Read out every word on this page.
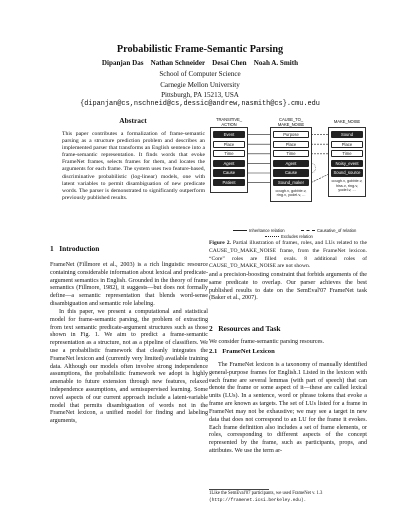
Probabilistic Frame-Semantic Parsing
Dipanjan Das    Nathan Schneider    Desai Chen    Noah A. Smith
School of Computer Science
Carnegie Mellon University
Pittsburgh, PA 15213, USA
{dipanjan@cs,nschneid@cs,dessic@andrew,nasmith@cs}.cmu.edu
Abstract
This paper contributes a formalization of frame-semantic parsing as a structure prediction problem and describes an implemented parser that transforms an English sentence into a frame-semantic representation. It finds words that evoke FrameNet frames, selects frames for them, and locates the arguments for each frame. The system uses two feature-based, discriminative probabilistic (log-linear) models, one with latent variables to permit disambiguation of new predicate words. The parser is demonstrated to significantly outperform previously published results.
1   Introduction

FrameNet (Fillmore et al., 2003) is a rich linguistic resource containing considerable information about lexical and predicate-argument semantics in English. Grounded in the theory of frame semantics (Fillmore, 1982), it suggests—but does not formally define—a semantic representation that blends word-sense disambiguation and semantic role labeling.

In this paper, we present a computational and statistical model for frame-semantic parsing, the problem of extracting from text semantic predicate-argument structures such as those shown in Fig. 1. We aim to predict a frame-semantic representation as a structure, not as a pipeline of classifiers. We use a probabilistic framework that cleanly integrates the FrameNet lexicon and (currently very limited) available training data. Although our models often involve strong independence assumptions, the probabilistic framework we adopt is highly amenable to future extension through new features, relaxed independence assumptions, and semisupervised learning. Some novel aspects of our current approach include a latent-variable model that permits disambiguation of words not in the FrameNet lexicon, a unified model for finding and labeling arguments,

Inheritance relation	Causative_of relation
Excludes relation
TRANSITIVE_
ACTION
Event
Place
Time
Agent
Cause
Patient
CAUSE_TO_
MAKE_NOISE
Purpose
Place
Time
Agent
Cause
Sound_maker
cough.v, gobble.v,
ring.v, yodel.v, ...
MAKE_NOISE
Sound
Place
Time
Noisy_event
Sound_source
cough.v, gobble.v,
hiss.v, ring.v,
yodel.v, ...
Figure 2. Partial illustration of frames, roles, and LUs related to the CAUSE_TO_MAKE_NOISE frame, from the FrameNet lexicon. “Core” roles are filled ovals. 8 additional roles of CAUSE_TO_MAKE_NOISE are not shown.
and a precision-boosting constraint that forbids arguments of the same predicate to overlap. Our parser achieves the best published results to date on the SemEval'07 FrameNet task (Baker et al., 2007).
2   Resources and Task
We consider frame-semantic parsing resources.
2.1   FrameNet Lexicon

The FrameNet lexicon is a taxonomy of manually identified general-purpose frames for English.1 Listed in the lexicon with each frame are several lemmas (with part of speech) that can denote the frame or some aspect of it—these are called lexical units (LUs). In a sentence, word or phrase tokens that evoke a frame are known as targets. The set of LUs listed for a frame in FrameNet may not be exhaustive; we may see a target in new data that does not correspond to an LU for the frame it evokes. Each frame definition also includes a set of frame elements, or roles, corresponding to different aspects of the concept represented by the frame, such as participants, props, and attributes. We use the term ar-

1Like the SemEval'07 participants, we used FrameNet v. 1.3
(http://framenet.icsi.berkeley.edu).
